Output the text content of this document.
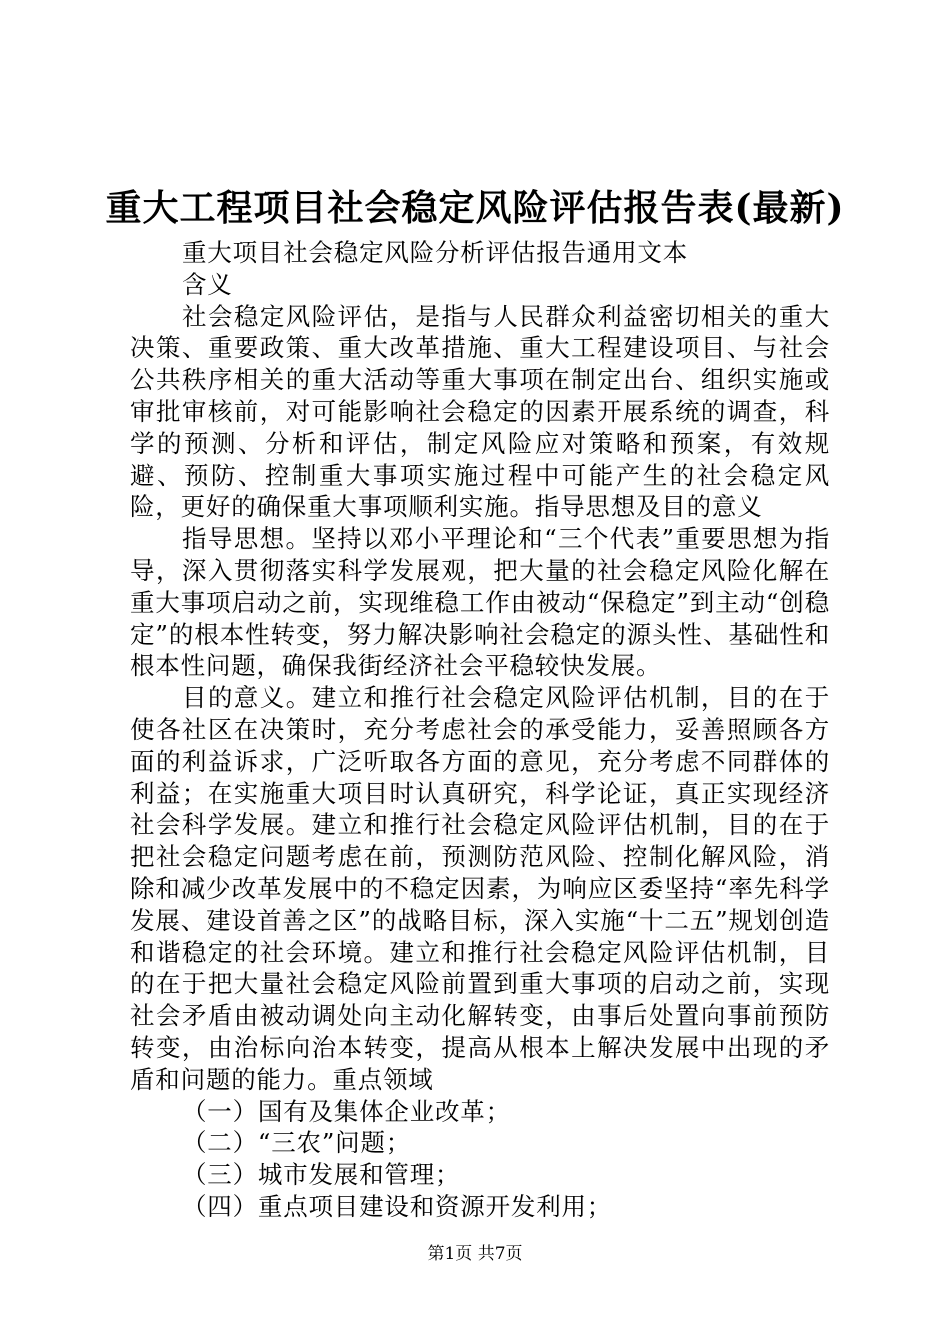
重大工程项目社会稳定风险评估报告表(最新)

重大项目社会稳定风险分析评估报告通用文本

含义

社会稳定风险评估，是指与人民群众利益密切相关的重大决策、重要政策、重大改革措施、重大工程建设项目、与社会公共秩序相关的重大活动等重大事项在制定出台、组织实施或审批审核前，对可能影响社会稳定的因素开展系统的调查，科学的预测、分析和评估，制定风险应对策略和预案，有效规避、预防、控制重大事项实施过程中可能产生的社会稳定风险，更好的确保重大事项顺利实施。指导思想及目的意义

指导思想。坚持以邓小平理论和“三个代表”重要思想为指导，深入贯彻落实科学发展观，把大量的社会稳定风险化解在重大事项启动之前，实现维稳工作由被动“保稳定”到主动“创稳定”的根本性转变，努力解决影响社会稳定的源头性、基础性和根本性问题，确保我街经济社会平稳较快发展。

目的意义。建立和推行社会稳定风险评估机制，目的在于使各社区在决策时，充分考虑社会的承受能力，妥善照顾各方面的利益诉求，广泛听取各方面的意见，充分考虑不同群体的利益；在实施重大项目时认真研究，科学论证，真正实现经济社会科学发展。建立和推行社会稳定风险评估机制，目的在于把社会稳定问题考虑在前，预测防范风险、控制化解风险，消除和减少改革发展中的不稳定因素，为响应区委坚持“率先科学发展、建设首善之区”的战略目标，深入实施“十二五”规划创造和谐稳定的社会环境。建立和推行社会稳定风险评估机制，目的在于把大量社会稳定风险前置到重大事项的启动之前，实现社会矛盾由被动调处向主动化解转变，由事后处置向事前预防转变，由治标向治本转变，提高从根本上解决发展中出现的矛盾和问题的能力。重点领域

（一）国有及集体企业改革；

（二）“三农”问题；

（三）城市发展和管理；

（四）重点项目建设和资源开发利用；

第1页 共7页
